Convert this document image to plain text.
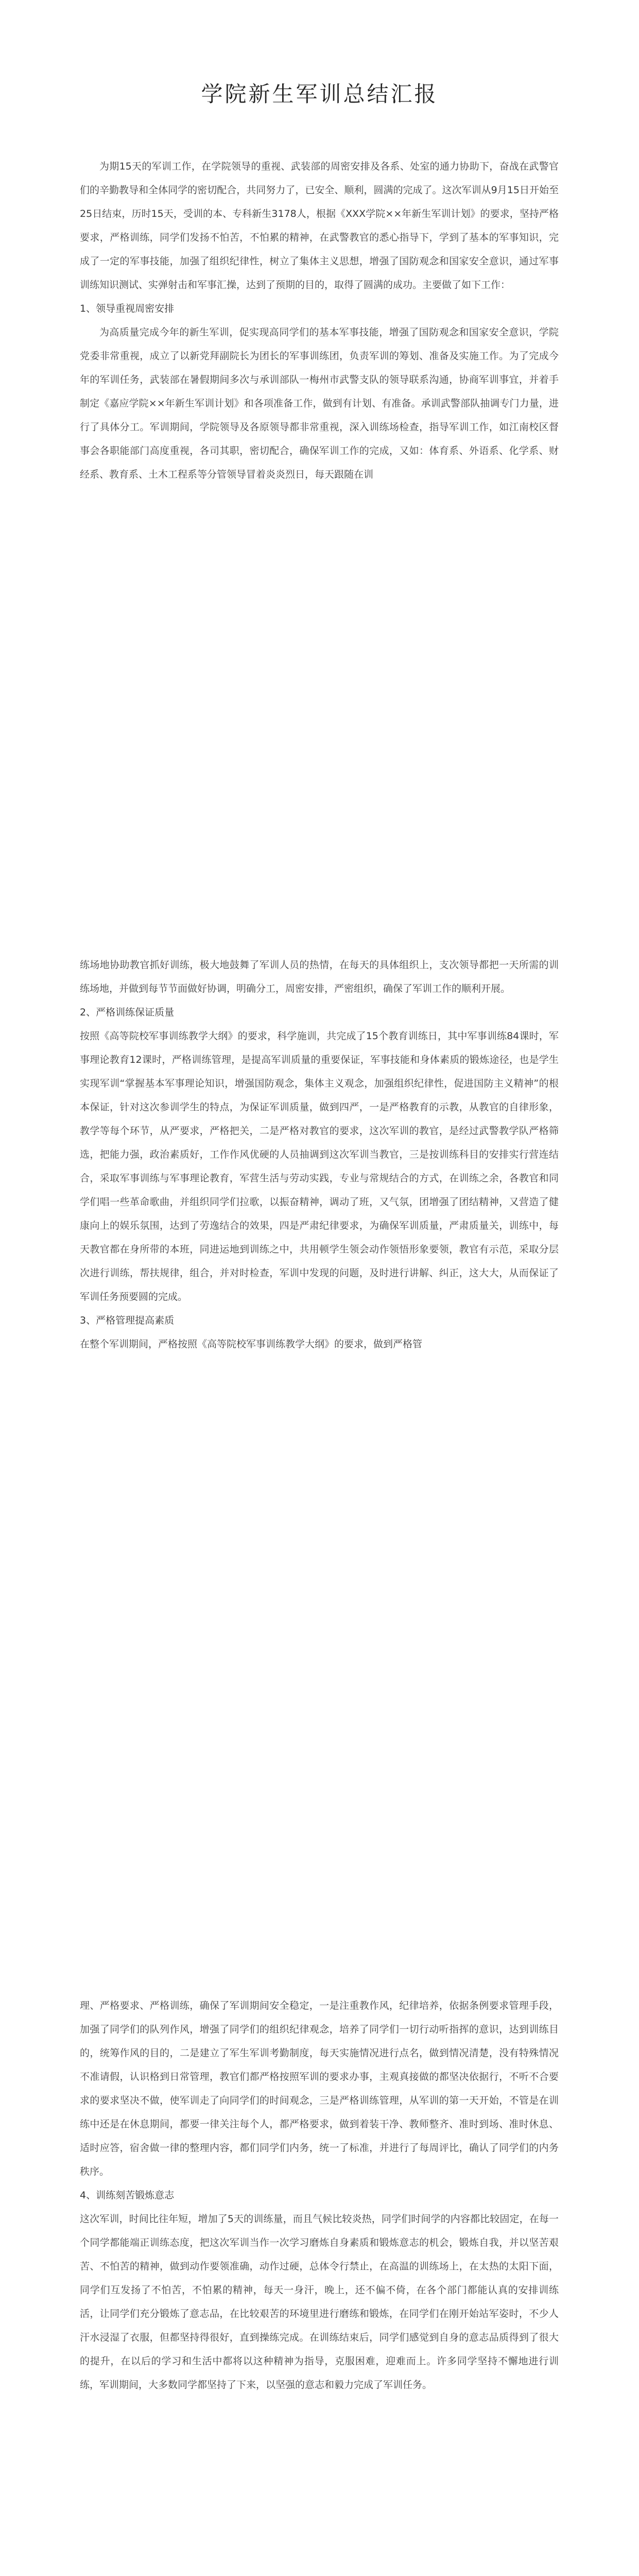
学院新生军训总结汇报

为期15天的军训工作，在学院领导的重视、武装部的周密安排及各系、处室的通力协助下，奋战在武警官们的辛勤教导和全体同学的密切配合，共同努力了，已安全、顺利，圆满的完成了。这次军训从9月15日开始至25日结束，历时15天，受训的本、专科新生3178人，根据《XXX学院××年新生军训计划》的要求，坚持严格要求，严格训练，同学们发扬不怕苦，不怕累的精神，在武警教官的悉心指导下，学到了基本的军事知识，完成了一定的军事技能，加强了组织纪律性，树立了集体主义思想，增强了国防观念和国家安全意识，通过军事训练知识测试、实弹射击和军事汇操，达到了预期的目的，取得了圆满的成功。主要做了如下工作：

1、领导重视周密安排

为高质量完成今年的新生军训，促实现高同学们的基本军事技能，增强了国防观念和国家安全意识，学院党委非常重视，成立了以新党拜副院长为团长的军事训练团，负责军训的筹划、准备及实施工作。为了完成今年的军训任务，武装部在暑假期间多次与承训部队一梅州市武警支队的领导联系沟通，协商军训事宜，并着手制定《嘉应学院××年新生军训计划》和各项准备工作，做到有计划、有准备。承训武警部队抽调专门力量，进行了具体分工。军训期间，学院领导及各原领导都非常重视，深入训练场检查，指导军训工作，如江南校区督事会各职能部门高度重视，各司其职，密切配合，确保军训工作的完成，又如：体育系、外语系、化学系、财经系、教育系、土木工程系等分管领导冒着炎炎烈日，每天跟随在训

练场地协助教官抓好训练，极大地鼓舞了军训人员的热情，在每天的具体组织上，支次领导都把一天所需的训练场地，并做到每节节面做好协调，明确分工，周密安排，严密组织，确保了军训工作的顺利开展。

2、严格训练保证质量

按照《高等院校军事训练教学大纲》的要求，科学施训，共完成了15个教育训练日，其中军事训练84课时，军事理论教育12课时，严格训练管理，是提高军训质量的重要保证，军事技能和身体素质的锻炼途径，也是学生实现军训“掌握基本军事理论知识，增强国防观念，集体主义观念，加强组织纪律性，促进国防主义精神”的根本保证，针对这次参训学生的特点，为保证军训质量，做到四严，一是严格教育的示教，从教官的自律形象，教学等每个环节，从严要求，严格把关，二是严格对教官的要求，这次军训的教官，是经过武警教学队严格筛选，把能力强，政治素质好，工作作风优硬的人员抽调到这次军训当教官，三是按训练科目的安排实行营连结合，采取军事训练与军事理论教育，军营生活与劳动实践，专业与常规结合的方式，在训练之余，各教官和同学们唱一些革命歌曲，并组织同学们拉歌，以振奋精神，调动了班，又气氛，团增强了团结精神，又营造了健康向上的娱乐氛围，达到了劳逸结合的效果，四是严肃纪律要求，为确保军训质量，严肃质量关，训练中，每天教官都在身所带的本班，同进运地到训练之中，共用顿学生领会动作领悟形象要领，教官有示范，采取分层次进行训练，帮扶规律，组合，并对时检查，军训中发现的问题，及时进行讲解、纠正，这大大，从而保证了军训任务预要圆的完成。

3、严格管理提高素质

在整个军训期间，严格按照《高等院校军事训练教学大纲》的要求，做到严格管

理、严格要求、严格训练，确保了军训期间安全稳定，一是注重教作风，纪律培养，依据条例要求管理手段，加强了同学们的队列作风，增强了同学们的组织纪律观念，培养了同学们一切行动听指挥的意识，达到训练目的，统筹作风的目的，二是建立了军生军训考勤制度，每天实施情况进行点名，做到情况清楚，没有特殊情况不准请假，认识格到日常管理，教官们都严格按照军训的要求办事，主观真接做的都坚决依据行，不听不合要求的要求坚决不做，使军训走了向同学们的时间观念，三是严格训练管理，从军训的第一天开始，不管是在训练中还是在休息期间，都要一律关注每个人，都严格要求，做到着装干净、教师整齐、准时到场、准时休息、适时应答，宿舍做一律的整理内容，都们同学们内务，统一了标准，并进行了每周评比，确认了同学们的内务秩序。

4、训练刻苦锻炼意志

这次军训，时间比往年短，增加了5天的训练量，而且气候比较炎热，同学们时间学的内容都比较固定，在每一个同学都能端正训练态度，把这次军训当作一次学习磨炼自身素质和锻炼意志的机会，锻炼自我，并以坚苦艰苦、不怕苦的精神，做到动作要领准确，动作过硬，总体令行禁止，在高温的训练场上，在太热的太阳下面，同学们互发扬了不怕苦，不怕累的精神，每天一身汗，晚上，还不偏不倚，在各个部门都能认真的安排训练活，让同学们充分锻炼了意志品，在比较艰苦的环境里进行磨练和锻炼，在同学们在刚开始站军姿时，不少人汗水浸湿了衣服，但都坚持得很好，直到操练完成。在训练结束后，同学们感觉到自身的意志品质得到了很大的提升，在以后的学习和生活中都将以这种精神为指导，克服困难，迎难而上。许多同学坚持不懈地进行训练，军训期间，大多数同学都坚持了下来，以坚强的意志和毅力完成了军训任务。
